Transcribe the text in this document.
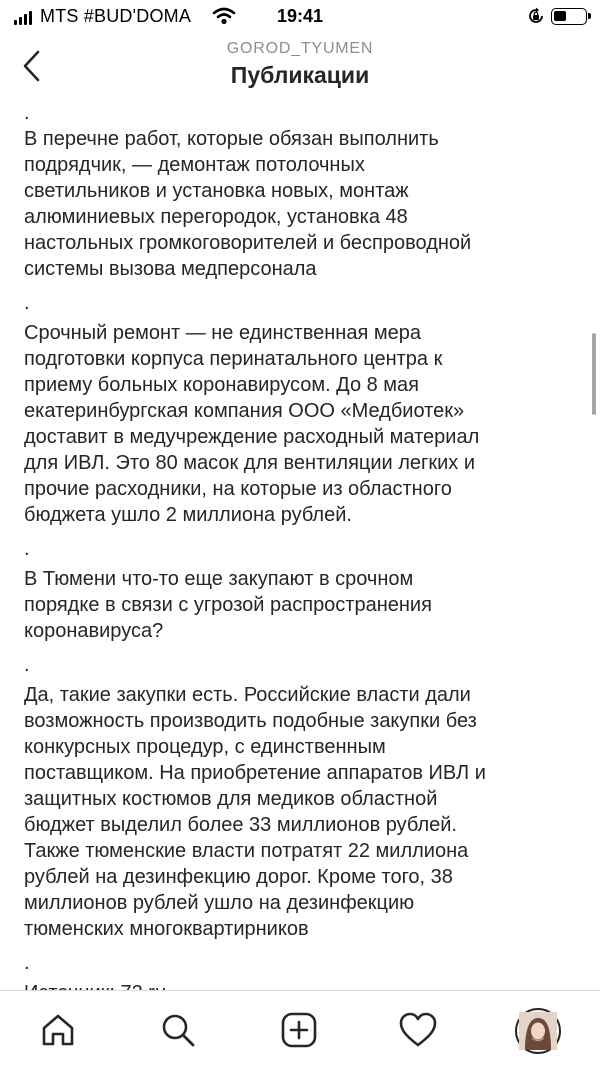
MTS #BUD'DOMA	19:41
GOROD_TYUMEN
Публикации
.
В перечне работ, которые обязан выполнить
подрядчик, — демонтаж потолочных
светильников и установка новых, монтаж
алюминиевых перегородок, установка 48
настольных громкоговорителей и беспроводной
системы вызова медперсонала
.
Срочный ремонт — не единственная мера
подготовки корпуса перинатального центра к
приему больных коронавирусом. До 8 мая
екатеринбургская компания ООО «Медбиотек»
доставит в медучреждение расходный материал
для ИВЛ. Это 80 масок для вентиляции легких и
прочие расходники, на которые из областного
бюджета ушло 2 миллиона рублей.
.
В Тюмени что-то еще закупают в срочном
порядке в связи с угрозой распространения
коронавируса?
.
Да, такие закупки есть. Российские власти дали
возможность производить подобные закупки без
конкурсных процедур, с единственным
поставщиком. На приобретение аппаратов ИВЛ и
защитных костюмов для медиков областной
бюджет выделил более 33 миллионов рублей.
Также тюменские власти потратят 22 миллиона
рублей на дезинфекцию дорог. Кроме того, 38
миллионов рублей ушло на дезинфекцию
тюменских многоквартирников
.
